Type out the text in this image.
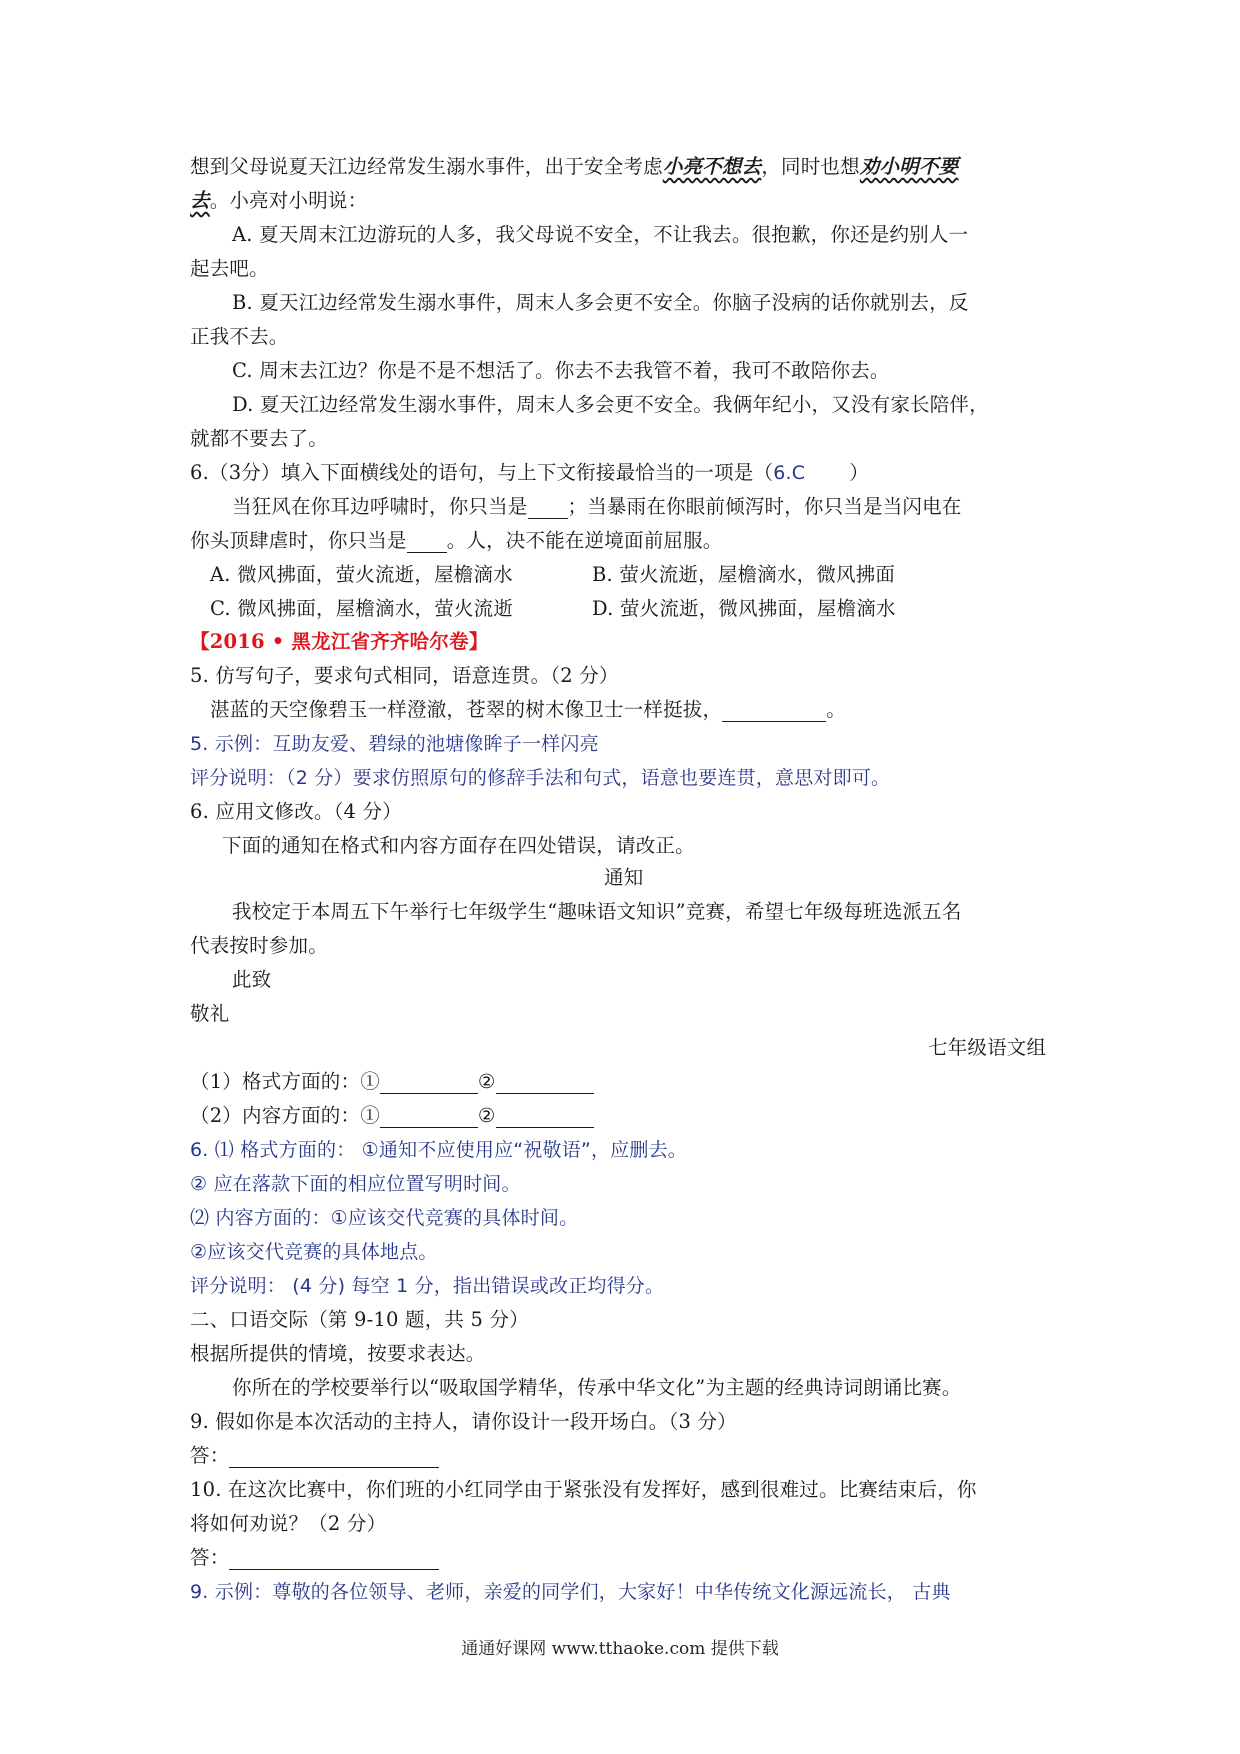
想到父母说夏天江边经常发生溺水事件，出于安全考虑小亮不想去，同时也想劝小明不要
去。小亮对小明说：
A. 夏天周末江边游玩的人多，我父母说不安全，不让我去。很抱歉，你还是约别人一
起去吧。
B. 夏天江边经常发生溺水事件，周末人多会更不安全。你脑子没病的话你就别去，反
正我不去。
C. 周末去江边？你是不是不想活了。你去不去我管不着，我可不敢陪你去。
D. 夏天江边经常发生溺水事件，周末人多会更不安全。我俩年纪小，又没有家长陪伴，
就都不要去了。
6.（3分）填入下面横线处的语句，与上下文衔接最恰当的一项是（6.C ）
当狂风在你耳边呼啸时，你只当是 ；当暴雨在你眼前倾泻时，你只当是当闪电在
你头顶肆虐时，你只当是 。人，决不能在逆境面前屈服。
A. 微风拂面，萤火流逝，屋檐滴水	B. 萤火流逝，屋檐滴水，微风拂面
C. 微风拂面，屋檐滴水，萤火流逝	D. 萤火流逝，微风拂面，屋檐滴水
【2016 • 黑龙江省齐齐哈尔卷】
5. 仿写句子，要求句式相同，语意连贯。（2 分）
湛蓝的天空像碧玉一样澄澈，苍翠的树木像卫士一样挺拔，	。
5. 示例：互助友爱、碧绿的池塘像眸子一样闪亮
评分说明：（2 分）要求仿照原句的修辞手法和句式，语意也要连贯，意思对即可。
6. 应用文修改。（4 分）
下面的通知在格式和内容方面存在四处错误，请改正。
通知
我校定于本周五下午举行七年级学生“趣味语文知识”竞赛，希望七年级每班选派五名
代表按时参加。
此致
敬礼
七年级语文组
（1）格式方面的：①	②
（2）内容方面的：①	②
6. ⑴ 格式方面的： ①通知不应使用应“祝敬语”，应删去。
② 应在落款下面的相应位置写明时间。
⑵ 内容方面的：①应该交代竞赛的具体时间。
②应该交代竞赛的具体地点。
评分说明： (4 分) 每空 1 分，指出错误或改正均得分。
二、口语交际（第 9-10 题，共 5 分）
根据所提供的情境，按要求表达。
你所在的学校要举行以“吸取国学精华，传承中华文化”为主题的经典诗词朗诵比赛。
9. 假如你是本次活动的主持人，请你设计一段开场白。（3 分）
答：
10. 在这次比赛中，你们班的小红同学由于紧张没有发挥好，感到很难过。比赛结束后，你
将如何劝说？（2 分）
答：
9. 示例：尊敬的各位领导、老师，亲爱的同学们，大家好！中华传统文化源远流长， 古典
通通好课网 www.tthaoke.com 提供下载
